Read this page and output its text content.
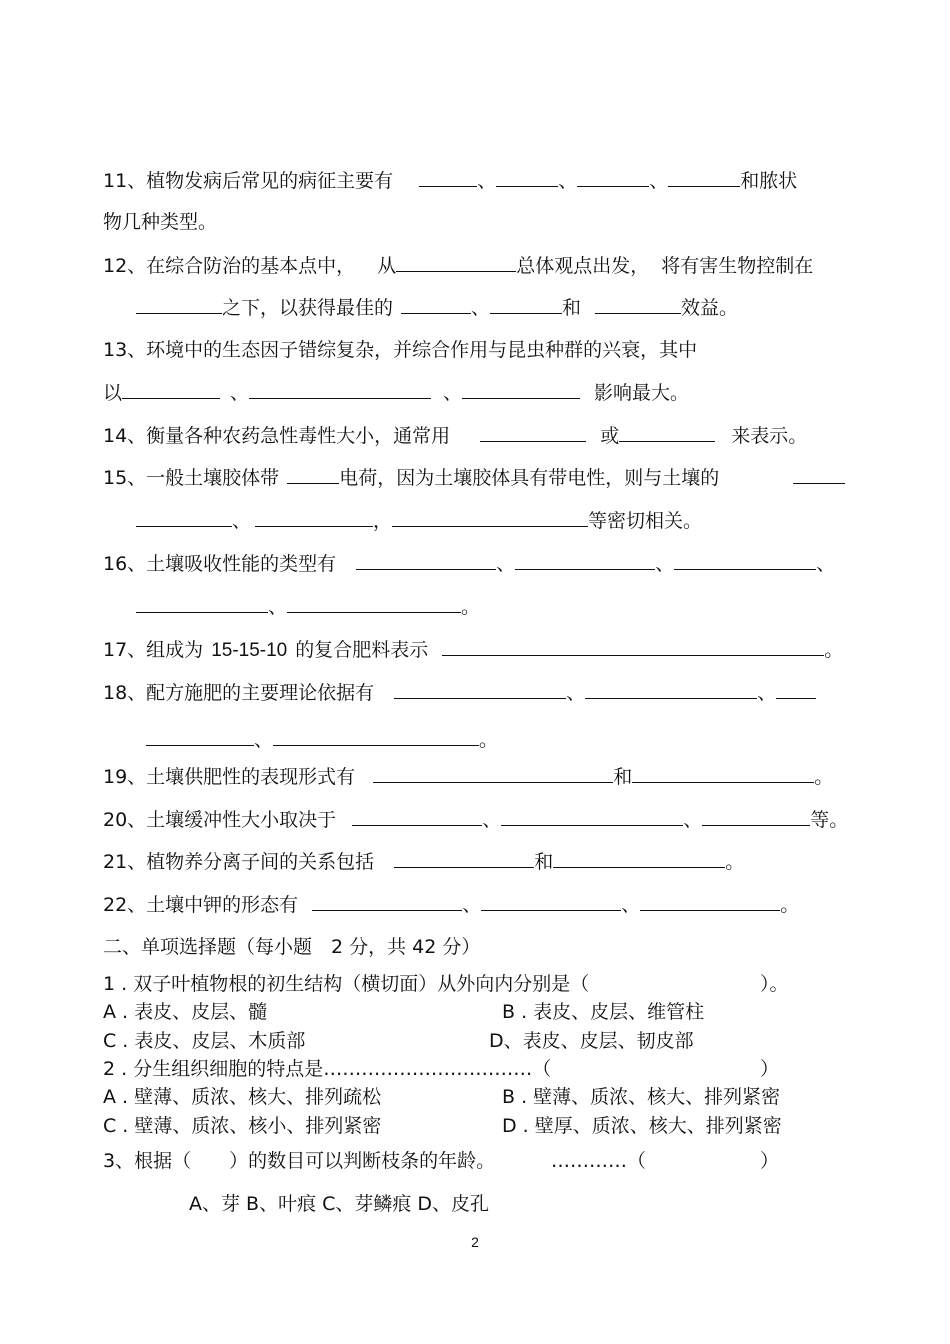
11、植物发病后常见的病征主要有	、	、	、	和脓状
物几种类型。
12、在综合防治的基本点中， 从	总体观点出发， 将有害生物控制在
之下，以获得最佳的	、	和	效益。
13、环境中的生态因子错综复杂，并综合作用与昆虫种群的兴衰，其中
以	、	、	影响最大。
14、衡量各种农药急性毒性大小，通常用	或	来表示。
15、一般土壤胶体带	电荷，因为土壤胶体具有带电性，则与土壤的
、	，	等密切相关。
16、土壤吸收性能的类型有	、	、	、
、	。
17、组成为 15-15-10 的复合肥料表示	。
18、配方施肥的主要理论依据有	、	、
、	。
19、土壤供肥性的表现形式有	和	。
20、土壤缓冲性大小取决于	、	、	等。
21、植物养分离子间的关系包括	和	。
22、土壤中钾的形态有	、	、	。
二、单项选择题（每小题　2 分，共 42 分）
1 . 双子叶植物根的初生结构（横切面）从外向内分别是（	）。
A . 表皮、皮层、髓	B . 表皮、皮层、维管柱
C . 表皮、皮层、木质部	D、表皮、皮层、韧皮部
2 . 分生组织细胞的特点是……………………………（	）
A . 壁薄、质浓、核大、排列疏松	B . 壁薄、质浓、核大、排列紧密
C . 壁薄、质浓、核小、排列紧密	D . 壁厚、质浓、核大、排列紧密
3、根据（　　）的数目可以判断枝条的年龄。	…………（	）
A、芽 B、叶痕 C、芽鳞痕 D、皮孔
2
